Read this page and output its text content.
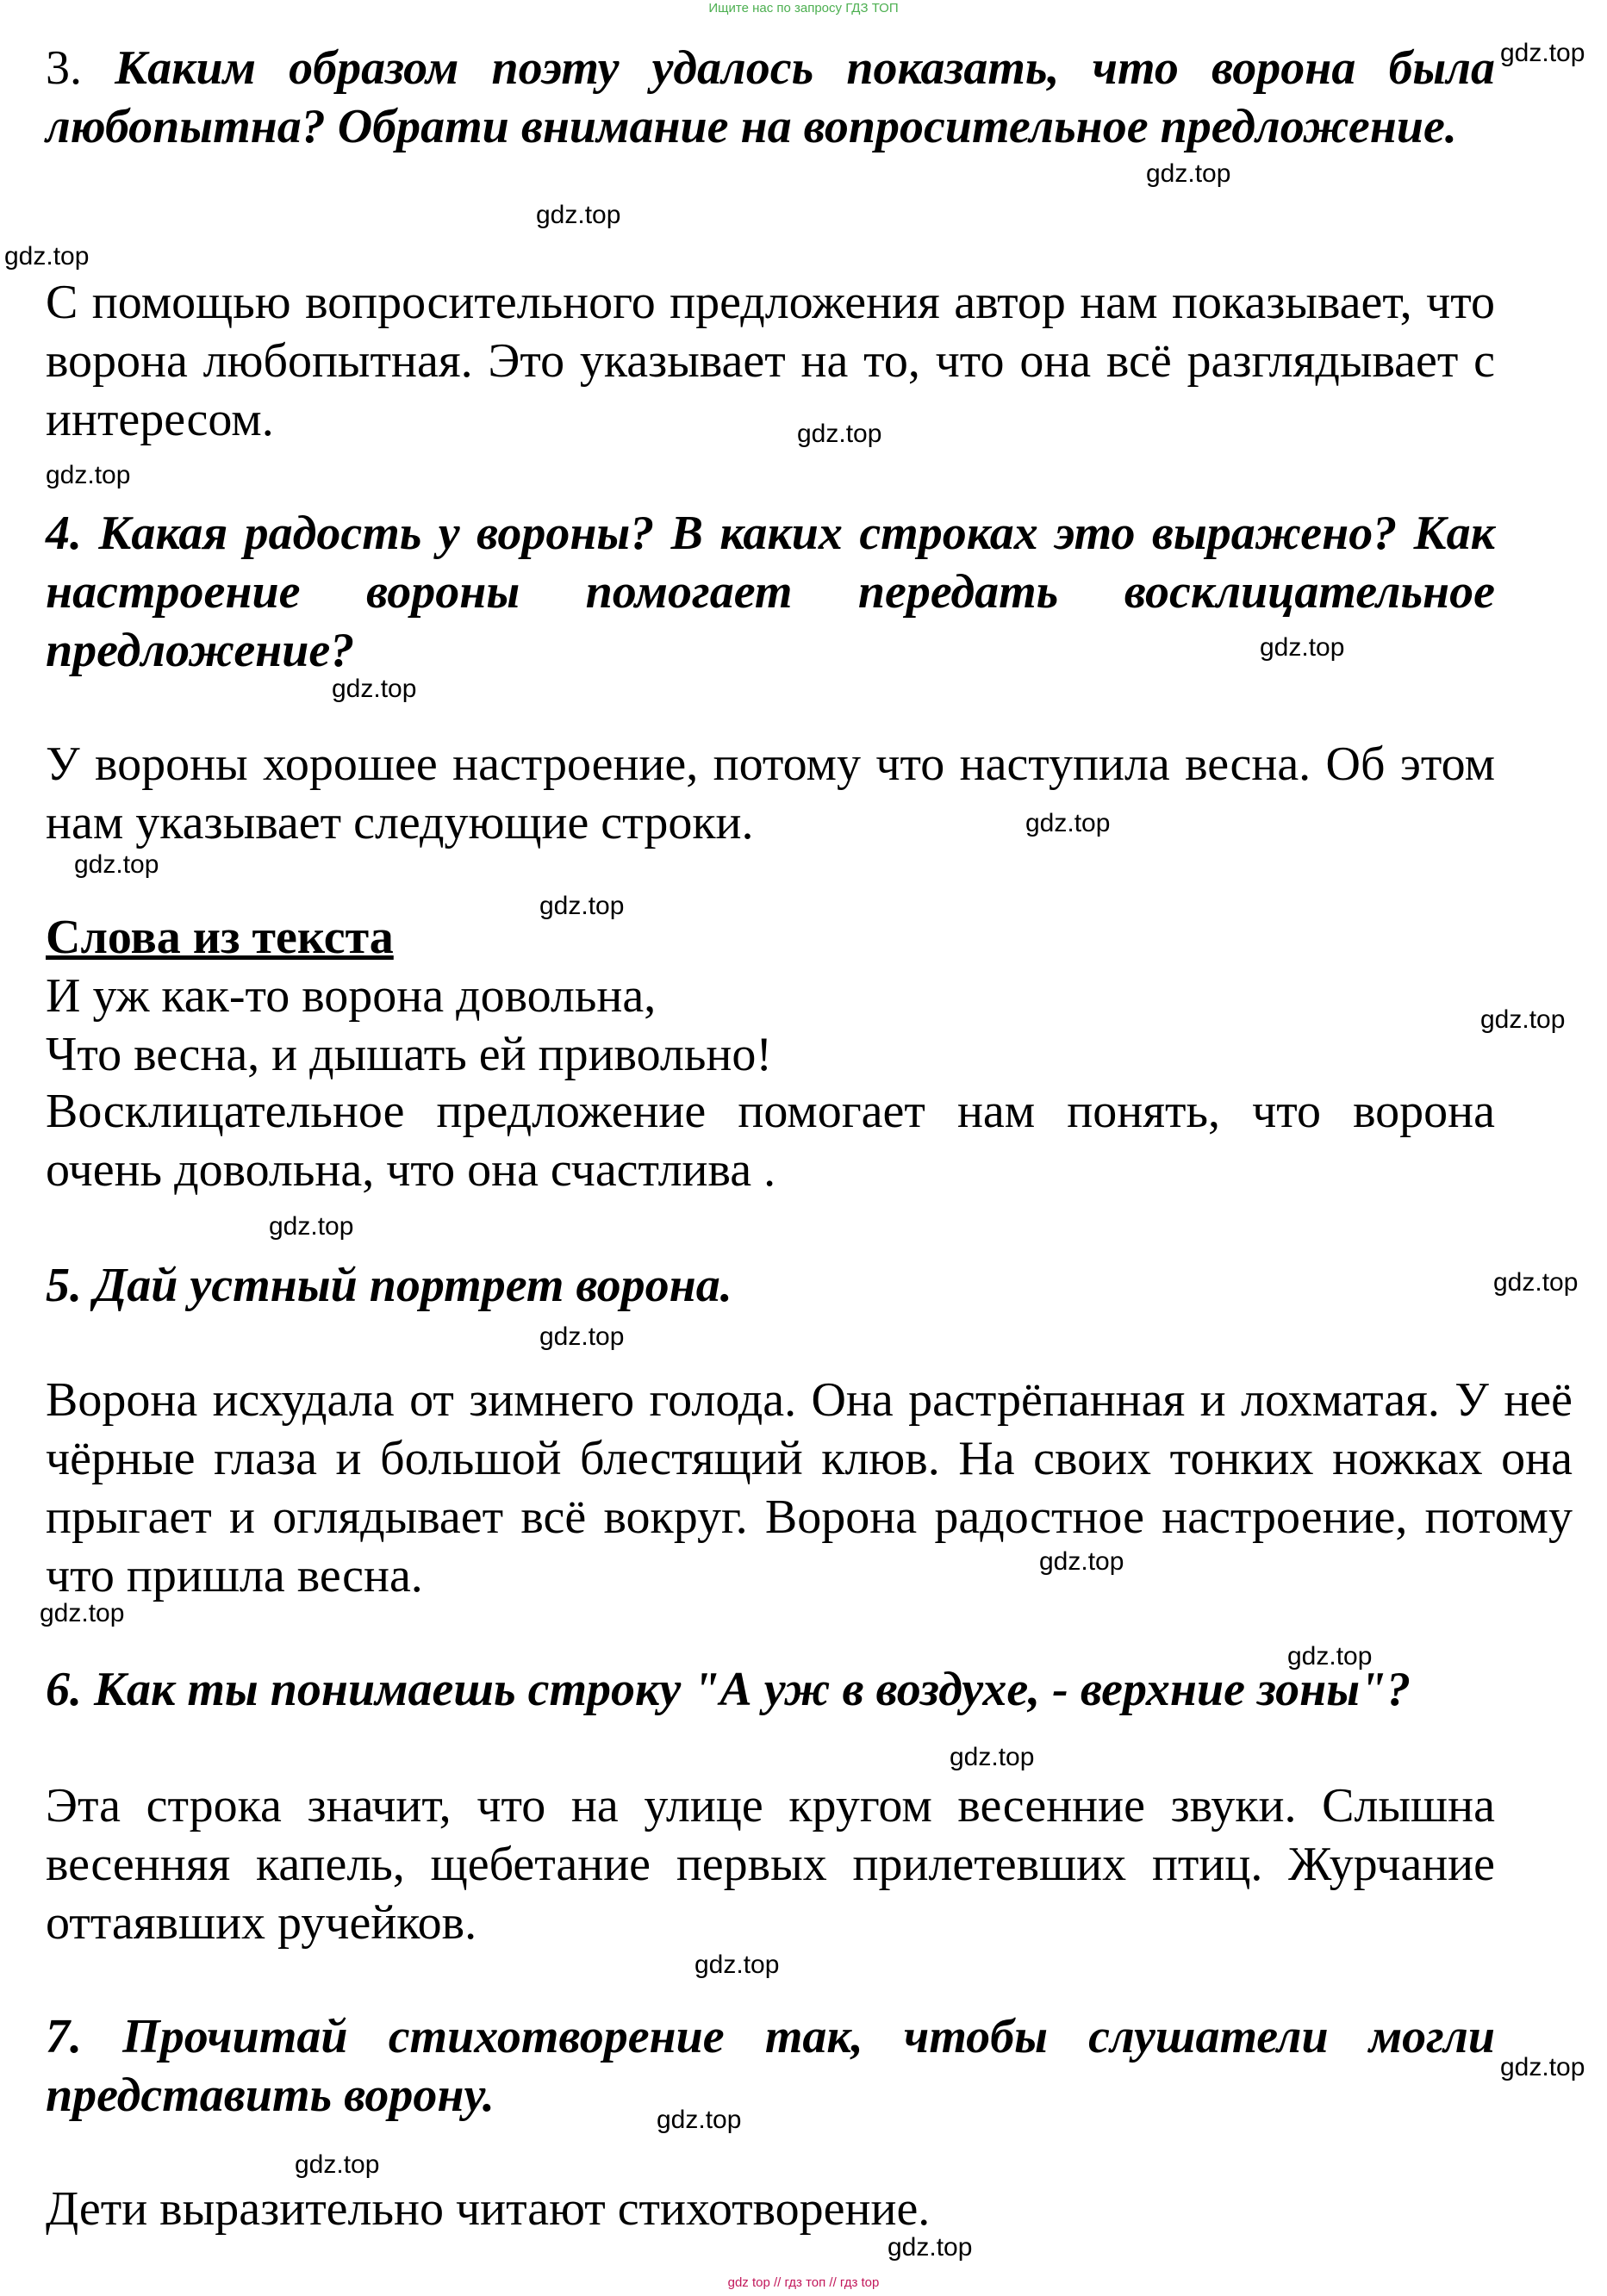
Ищите нас по запросу ГДЗ ТОП

3. Каким образом поэту удалось показать, что ворона была любопытна? Обрати внимание на вопросительное предложение.

С помощью вопросительного предложения автор нам показывает, что ворона любопытная. Это указывает на то, что она всё разглядывает с интересом.

4. Какая радость у вороны? В каких строках это выражено? Как настроение вороны помогает передать восклицательное предложение?

У вороны хорошее настроение, потому что наступила весна. Об этом нам указывает следующие строки.

Слова из текста
И уж как-то ворона довольна,
Что весна, и дышать ей привольно!

Восклицательное предложение помогает нам понять, что ворона очень довольна, что она счастлива .

5. Дай устный портрет ворона.

Ворона исхудала от зимнего голода. Она растрёпанная и лохматая. У неё чёрные глаза и большой блестящий клюв. На своих тонких ножках она прыгает и оглядывает всё вокруг. Ворона радостное настроение, потому что пришла весна.

6. Как ты понимаешь строку "А уж в воздухе, - верхние зоны"?

Эта строка значит, что на улице кругом весенние звуки. Слышна весенняя капель, щебетание первых прилетевших птиц. Журчание оттаявших ручейков.

7. Прочитай стихотворение так, чтобы слушатели могли представить ворону.

Дети выразительно читают стихотворение.

gdz.top
gdz.top
gdz.top
gdz.top
gdz.top
gdz.top
gdz.top
gdz.top
gdz.top
gdz.top
gdz.top
gdz.top
gdz.top
gdz.top
gdz.top
gdz.top
gdz.top
gdz.top
gdz.top
gdz.top
gdz.top
gdz.top
gdz.top
gdz.top
gdz top // гдз топ // гдз top
